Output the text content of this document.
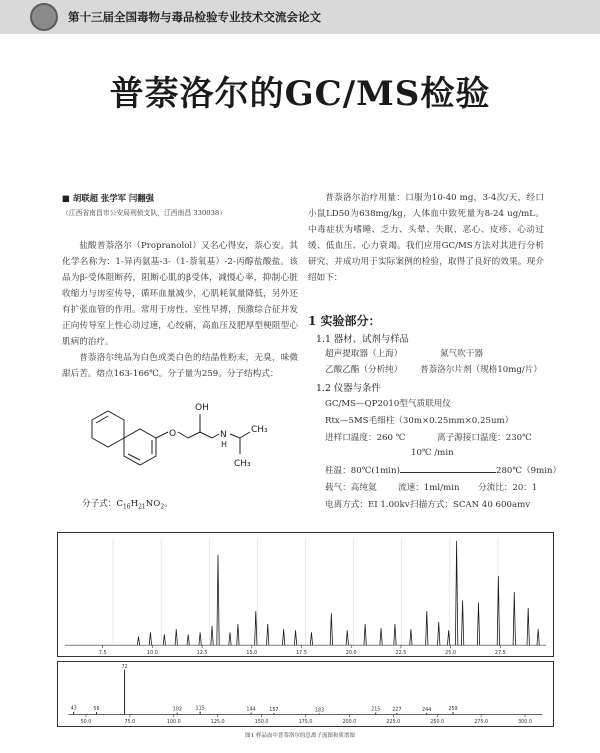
第十三届全国毒物与毒品检验专业技术交流会论文
普萘洛尔的GC/MS检验
■ 胡联超 张学军 闫翻强
（江西省南昌市公安局刑侦支队，江西南昌 330038）

盐酸普萘洛尔（Propranolol）又名心得安，萘心安。其化学名称为：1-异丙氨基-3-（1-萘氧基）-2-丙醇盐酸盐。该品为β-受体阻断药，阻断心肌的β受体，减慢心率，抑制心脏收缩力与房室传导，循环血量减少，心肌耗氧量降低，另外还有扩张血管的作用。常用于房性、室性早搏，预激综合征并发正向传导室上性心动过速，心绞痛，高血压及肥厚型梗阻型心肌病的治疗。

普萘洛尔纯品为白色或类白色的结晶性粉末，无臭，味微甜后苦。熔点163-166℃。分子量为259。分子结构式：

O
OH
N
H
CH₃
CH₃
分子式：$C_{16}H_{21}NO_2$。

普萘洛尔治疗用量：口服为10-40 mg，3-4次/天，经口小鼠LD50为638mg/kg，人体血中致死量为8-24 ug/mL。中毒症状为嗜睡、乏力、头晕、失眠、恶心、皮疹、心动过缓、低血压、心力衰竭。我们应用GC/MS方法对其进行分析研究，并成功用于实际案例的检验，取得了良好的效果。现介绍如下：

1 实验部分：
1.1 器材、试剂与样品
超声提取器（上海）	氮气吹干器
乙酸乙酯（分析纯） 普萘洛尔片剂（规格10mg/片）
1.2 仪器与条件
GC/MS—QP2010型气质联用仪
Rtx—5MS毛细柱（30m×0.25mm×0.25um）
进样口温度：260 ℃	离子源接口温度：230℃
10℃ /min
柱温：80℃(1min)	280℃（9min）
载气：高纯氦 流速：1ml/min 分流比：20：1
电离方式：EI 1.00kv 扫描方式：SCAN 40 600amv
7.5	10.0	12.5	15.0	17.5	20.0	22.5	25.0	27.5
43	56
72
102	115	144	157	183	215 227	244	259
50.0	75.0	100.0	125.0	150.0	175.0	200.0	225.0	250.0	275.0	300.0
图1 样品血中普萘洛尔的总离子流图和质谱图
